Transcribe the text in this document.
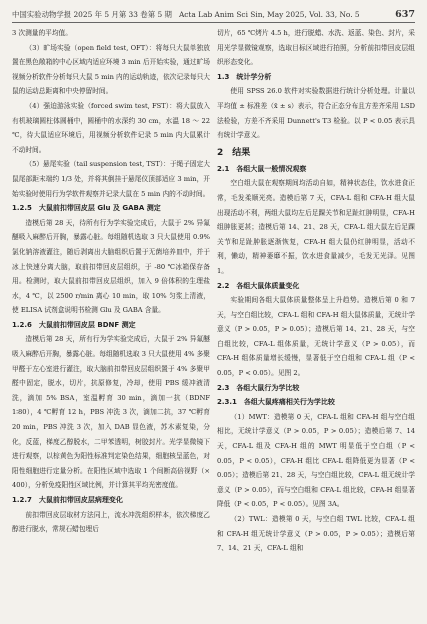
中国实验动物学报 2025 年 5 月第 33 卷第 5 期 Acta Lab Anim Sci Sin, May 2025, Vol. 33, No. 5	637

3 次测量的平均值。

（3）旷场实验（open field test, OFT）：将每只大鼠单独放置在黑色敞箱的中心区域内适应环境 3 min 后开始实验，通过旷场视频分析软件分析每只大鼠 5 min 内的运动轨迹，依次记录每只大鼠的运动总距离和中央停留时间。

（4）强迫游泳实验（forced swim test, FST）：将大鼠放入有机玻璃圆柱体圆桶中，圆桶中的水深约 30 cm，水温 18 ～ 22 ℃，待大鼠适应环境后，用视频分析软件记录 5 min 内大鼠累计不动时间。

（5）悬尾实验（tail suspension test, TST）：于绳子固定大鼠尾部距末端约 1/3 处，并将其倒挂于悬尾仪顶部适应 3 min，开始实验时使用行为学软件观察并记录大鼠在 5 min 内的不动时间。

1.2.5　大鼠前扣带回皮层 Glu 及 GABA 测定

造模后第 28 天，待所有行为学实验完成后，大鼠于 2% 异氟醚吸入麻醉后开胸，暴露心脏。每组随机选取 3 只大鼠使用 0.9% 氯化钠溶液灌注，随后剥离出大脑组织后置于无菌培养皿中，并于冰上快速分离大脑，取前扣带回皮层组织，于 -80 ℃冰箱保存备用。检测时，取大鼠前扣带回皮层组织，加入 9 倍体积的生理盐水，4 ℃，以 2500 r/min 离心 10 min，取 10% 匀浆上清液，使 ELISA 试剂盒说明书检测 Glu 及 GABA 含量。

1.2.6　大鼠前扣带回皮层 BDNF 测定

造模后第 28 天，所有行为学实验完成后，大鼠于 2% 异氟醚吸入麻醉后开胸，暴露心脏。每组随机选取 3 只大鼠使用 4% 多聚甲醛于左心室进行灌注，取大脑前扣带回皮层组织置于 4% 多聚甲醛中固定，脱水，切片，抗原修复，冷却，使用 PBS 缓冲液清洗，滴加 5% BSA，室温孵育 30 min，滴加一抗（BDNF 1∶80），4 ℃孵育 12 h，PBS 冲洗 3 次，滴加二抗，37 ℃孵育 20 min，PBS 冲洗 3 次，加入 DAB 显色液，苏木素复染，分化，反蓝，梯度乙醇脱水，二甲苯透明，树胶封片。光学显微镜下进行观察，以棕黄色为阳性标准判定染色结果，细胞核呈蓝色，对阳性细胞进行定量分析。在阳性区域中选取 1 个间断高倍视野（× 400），分析免疫阳性区域比例，并计算其平均光密度值。

1.2.7　大鼠前扣带回皮层病理变化

前扣带回皮层取材方法同上，流水冲洗组织样本，依次梯度乙醇进行脱水，常规石蜡包埋后

切片，65 ℃烤片 4.5 h，进行脱蜡、水洗、返蓝、染色、封片，采用光学显微镜观察，选取目标区域进行拍照，分析前扣带回皮层组织形态变化。

1.3　统计学分析

使用 SPSS 26.0 软件对实验数据进行统计分析处理。计量以平均值 ± 标准差（x̄ ± s）表示，符合正态分布且方差齐采用 LSD 法检验，方差不齐采用 Dunnett's T3 检验。以 P < 0.05 表示具有统计学意义。

2　结果

2.1　各组大鼠一般情况观察

空白组大鼠在观察期间均活动自如，精神状态佳，饮水进食正常，毛发柔顺光亮。造模后第 7 天，CFA-L 组和 CFA-H 组大鼠出现活动不利，两组大鼠均左后足踝关节和足趾红肿明显，CFA-H 组肿胀更甚；造模后第 14、21、28 天，CFA-L 组大鼠左后足踝关节和足趾肿胀逐渐恢复，CFA-H 组大鼠仍红肿明显，活动不利，懒动，精神萎靡不振，饮水进食量减少，毛发无光泽。见图 1。

2.2　各组大鼠体质量变化

实验期间各组大鼠体质量整体呈上升趋势。造模后第 0 和 7 天，与空白组比较，CFA-L 组和 CFA-H 组大鼠体质量，无统计学意义（P > 0.05，P > 0.05）；造模后第 14、21、28 天，与空白组比较，CFA-L 组体质量，无统计学意义（P > 0.05），而 CFA-H 组体质量增长缓慢，显著低于空白组和 CFA-L 组（P < 0.05，P < 0.05）。见图 2。

2.3　各组大鼠行为学比较

2.3.1　各组大鼠疼痛相关行为学比较

（1）MWT：造模第 0 天，CFA-L 组和 CFA-H 组与空白组相比，无统计学意义（P > 0.05，P > 0.05）；造模后第 7、14 天，CFA-L 组及 CFA-H 组的 MWT 明显低于空白组（P < 0.05，P < 0.05），CFA-H 组比 CFA-L 组降低更为显著（P < 0.05）；造模后第 21、28 天，与空白组比较，CFA-L 组无统计学意义（P > 0.05），而与空白组和 CFA-L 组比较，CFA-H 组显著降低（P < 0.05，P < 0.05）。见图 3A。

（2）TWL：造模第 0 天，与空白组 TWL 比较，CFA-L 组和 CFA-H 组无统计学意义（P > 0.05，P > 0.05）；造模后第 7、14、21 天，CFA-L 组和
